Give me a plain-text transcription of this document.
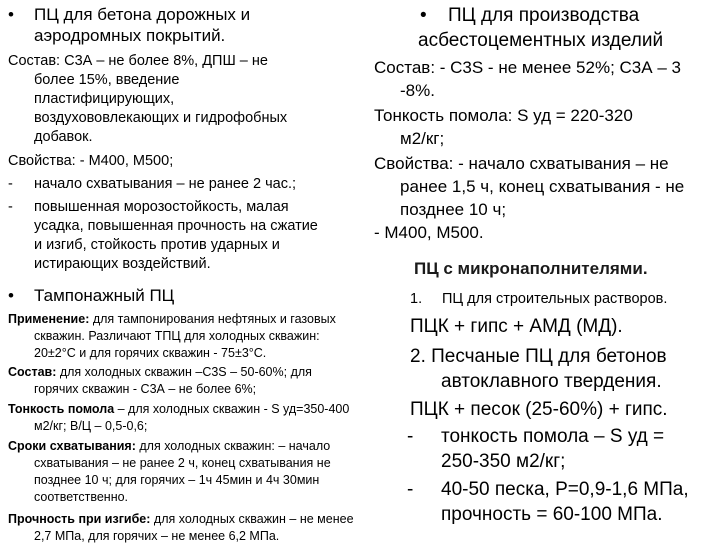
• ПЦ для бетона дорожных и
аэродромных покрытий.
Состав: С3А – не более 8%, ДПШ – не
более 15%, введение
пластифицирующих,
воздухововлекающих и гидрофобных
добавок.
Свойства: - М400, М500;
- начало схватывания – не ранее 2 час.;
- повышенная морозостойкость, малая
усадка, повышенная прочность на сжатие
и изгиб, стойкость против ударных и
истирающих воздействий.
• Тампонажный ПЦ
Применение: для тампонирования нефтяных и газовых
скважин. Различают ТПЦ для холодных скважин:
20±2°С и для горячих скважин - 75±3°С.
Состав: для холодных скважин –С3S – 50-60%; для
горячих скважин - С3А – не более 6%;
Тонкость помола – для холодных скважин - S уд=350-400
м2/кг; В/Ц – 0,5-0,6;
Сроки схватывания: для холодных скважин: – начало
схватывания – не ранее 2 ч, конец схватывания не
позднее 10 ч; для горячих – 1ч 45мин и 4ч 30мин
соответственно.
Прочность при изгибе: для холодных скважин – не менее
2,7 МПа, для горячих – не менее 6,2 МПа.
• ПЦ для производства
асбестоцементных изделий
Состав: - С3S - не менее 52%; С3А – 3
-8%.
Тонкость помола: S уд = 220-320
м2/кг;
Свойства: - начало схватывания – не
ранее 1,5 ч, конец схватывания - не
позднее 10 ч;
- М400, М500.
ПЦ с микронаполнителями.
1. ПЦ для строительных растворов.
ПЦК + гипс + АМД (МД).
2. Песчаные ПЦ для бетонов
автоклавного твердения.
ПЦК + песок (25-60%) + гипс.
- тонкость помола – S уд =
250-350 м2/кг;
- 40-50 песка, Р=0,9-1,6 МПа,
прочность = 60-100 МПа.
